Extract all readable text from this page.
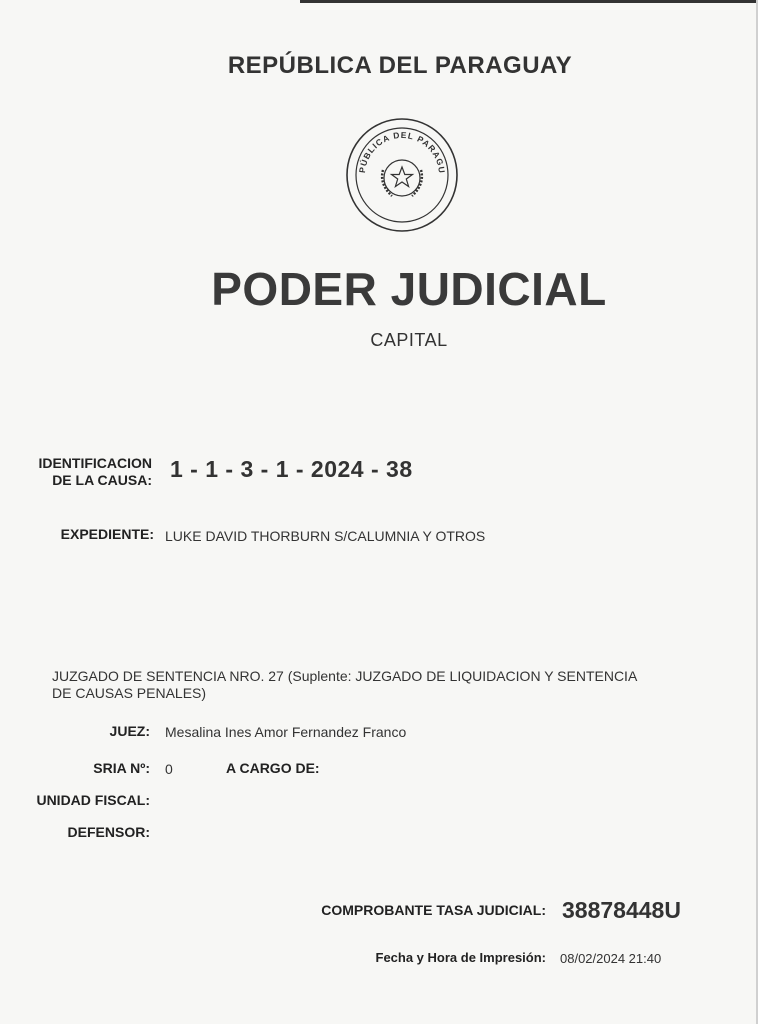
REPÚBLICA DEL PARAGUAY
PÚBLICA DEL PARAGU
PODER JUDICIAL
CAPITAL
IDENTIFICACION
DE LA CAUSA: 1 - 1 - 3 - 1 - 2024 - 38
EXPEDIENTE: LUKE DAVID THORBURN S/CALUMNIA Y OTROS
JUZGADO DE SENTENCIA NRO. 27 (Suplente: JUZGADO DE LIQUIDACION Y SENTENCIA
DE CAUSAS PENALES)
JUEZ: Mesalina Ines Amor Fernandez Franco
SRIA Nº: 0	A CARGO DE:
UNIDAD FISCAL:
DEFENSOR:
COMPROBANTE TASA JUDICIAL: 38878448U
Fecha y Hora de Impresión: 08/02/2024 21:40
